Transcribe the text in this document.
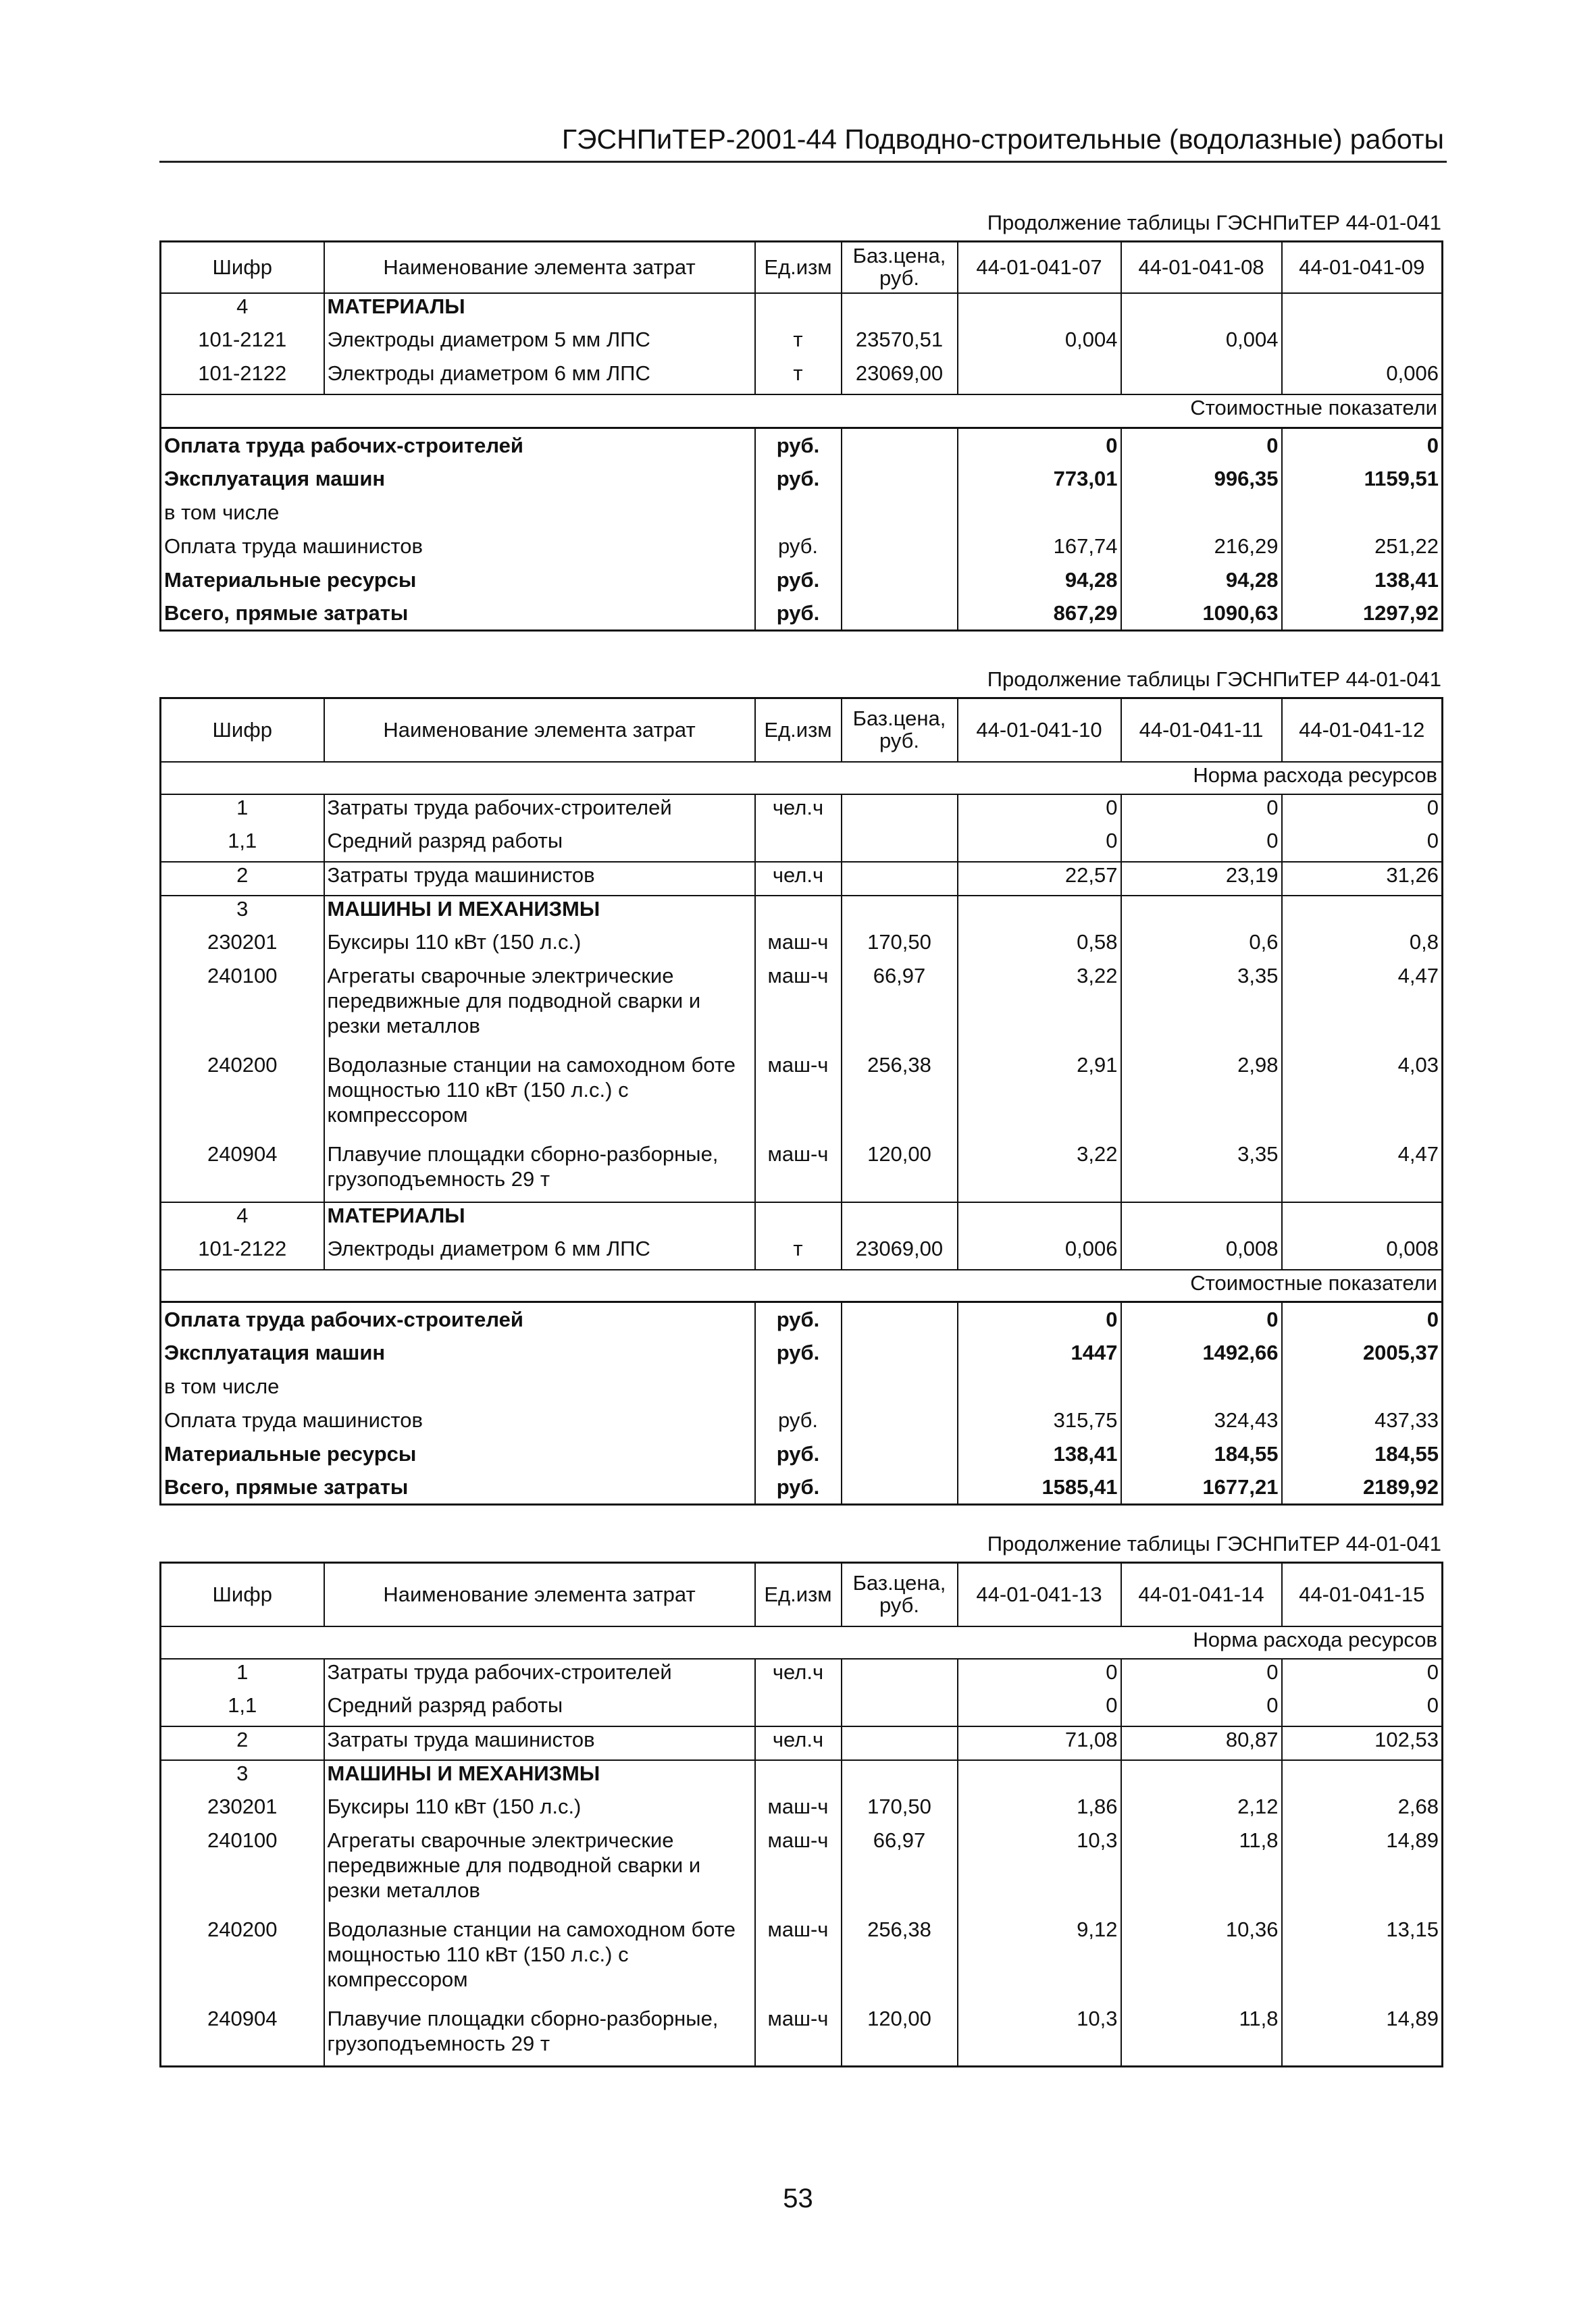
ГЭСНПиТЕР-2001-44 Подводно-строительные (водолазные) работы
Продолжение таблицы ГЭСНПиТЕР 44-01-041
Шифр	Наименование элемента затрат	Ед.изм	Баз.цена, руб.	44-01-041-07	44-01-041-08	44-01-041-09
4	МАТЕРИАЛЫ					
101-2121	Электроды диаметром 5 мм ЛПС	т	23570,51	0,004	0,004	
101-2122	Электроды диаметром 6 мм ЛПС	т	23069,00			0,006
Стоимостные показатели						
Оплата труда рабочих-строителей		руб.		0	0	0
Эксплуатация машин		руб.		773,01	996,35	1159,51
в том числе						
Оплата труда машинистов		руб.		167,74	216,29	251,22
Материальные ресурсы		руб.		94,28	94,28	138,41
Всего, прямые затраты		руб.		867,29	1090,63	1297,92
Продолжение таблицы ГЭСНПиТЕР 44-01-041
Шифр	Наименование элемента затрат	Ед.изм	Баз.цена, руб.	44-01-041-10	44-01-041-11	44-01-041-12
Норма расхода ресурсов						
1	Затраты труда рабочих-строителей	чел.ч		0	0	0
1,1	Средний разряд работы			0	0	0
2	Затраты труда машинистов	чел.ч		22,57	23,19	31,26
3	МАШИНЫ И МЕХАНИЗМЫ					
230201	Буксиры 110 кВт (150 л.с.)	маш-ч	170,50	0,58	0,6	0,8
240100	Агрегаты сварочные электрические передвижные для подводной сварки и резки металлов	маш-ч	66,97	3,22	3,35	4,47
240200	Водолазные станции на самоходном боте мощностью 110 кВт (150 л.с.) с компрессором	маш-ч	256,38	2,91	2,98	4,03
240904	Плавучие площадки сборно-разборные, грузоподъемность 29 т	маш-ч	120,00	3,22	3,35	4,47
4	МАТЕРИАЛЫ					
101-2122	Электроды диаметром 6 мм ЛПС	т	23069,00	0,006	0,008	0,008
Стоимостные показатели						
Оплата труда рабочих-строителей		руб.		0	0	0
Эксплуатация машин		руб.		1447	1492,66	2005,37
в том числе						
Оплата труда машинистов		руб.		315,75	324,43	437,33
Материальные ресурсы		руб.		138,41	184,55	184,55
Всего, прямые затраты		руб.		1585,41	1677,21	2189,92
Продолжение таблицы ГЭСНПиТЕР 44-01-041
Шифр	Наименование элемента затрат	Ед.изм	Баз.цена, руб.	44-01-041-13	44-01-041-14	44-01-041-15
Норма расхода ресурсов						
1	Затраты труда рабочих-строителей	чел.ч		0	0	0
1,1	Средний разряд работы			0	0	0
2	Затраты труда машинистов	чел.ч		71,08	80,87	102,53
3	МАШИНЫ И МЕХАНИЗМЫ					
230201	Буксиры 110 кВт (150 л.с.)	маш-ч	170,50	1,86	2,12	2,68
240100	Агрегаты сварочные электрические передвижные для подводной сварки и резки металлов	маш-ч	66,97	10,3	11,8	14,89
240200	Водолазные станции на самоходном боте мощностью 110 кВт (150 л.с.) с компрессором	маш-ч	256,38	9,12	10,36	13,15
240904	Плавучие площадки сборно-разборные, грузоподъемность 29 т	маш-ч	120,00	10,3	11,8	14,89
53
